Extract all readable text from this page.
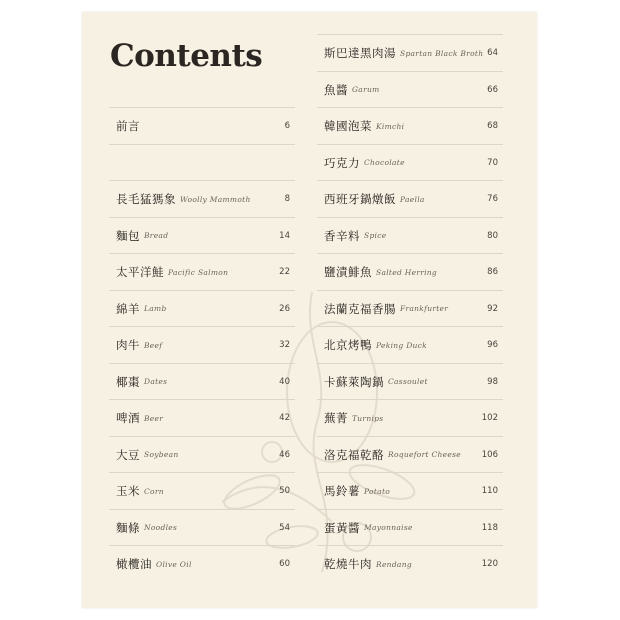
Contents
前言	6
長毛猛獁象 Woolly Mammoth	8
麵包 Bread	14
太平洋鮭 Pacific Salmon	22
綿羊 Lamb	26
肉牛 Beef	32
椰棗 Dates	40
啤酒 Beer	42
大豆 Soybean	46
玉米 Corn	50
麵條 Noodles	54
橄欖油 Olive Oil	60
斯巴達黑肉湯 Spartan Black Broth 64
魚醬 Garum	66
韓國泡菜 Kimchi	68
巧克力 Chocolate	70
西班牙鍋燉飯 Paella	76
香辛料 Spice	80
鹽漬鯡魚 Salted Herring	86
法蘭克福香腸 Frankfurter	92
北京烤鴨 Peking Duck	96
卡蘇萊陶鍋 Cassoulet	98
蕪菁 Turnips	102
洛克福乾酪 Roquefort Cheese 106
馬鈴薯 Potato	110
蛋黃醬 Mayonnaise	118
乾燒牛肉 Rendang	120
